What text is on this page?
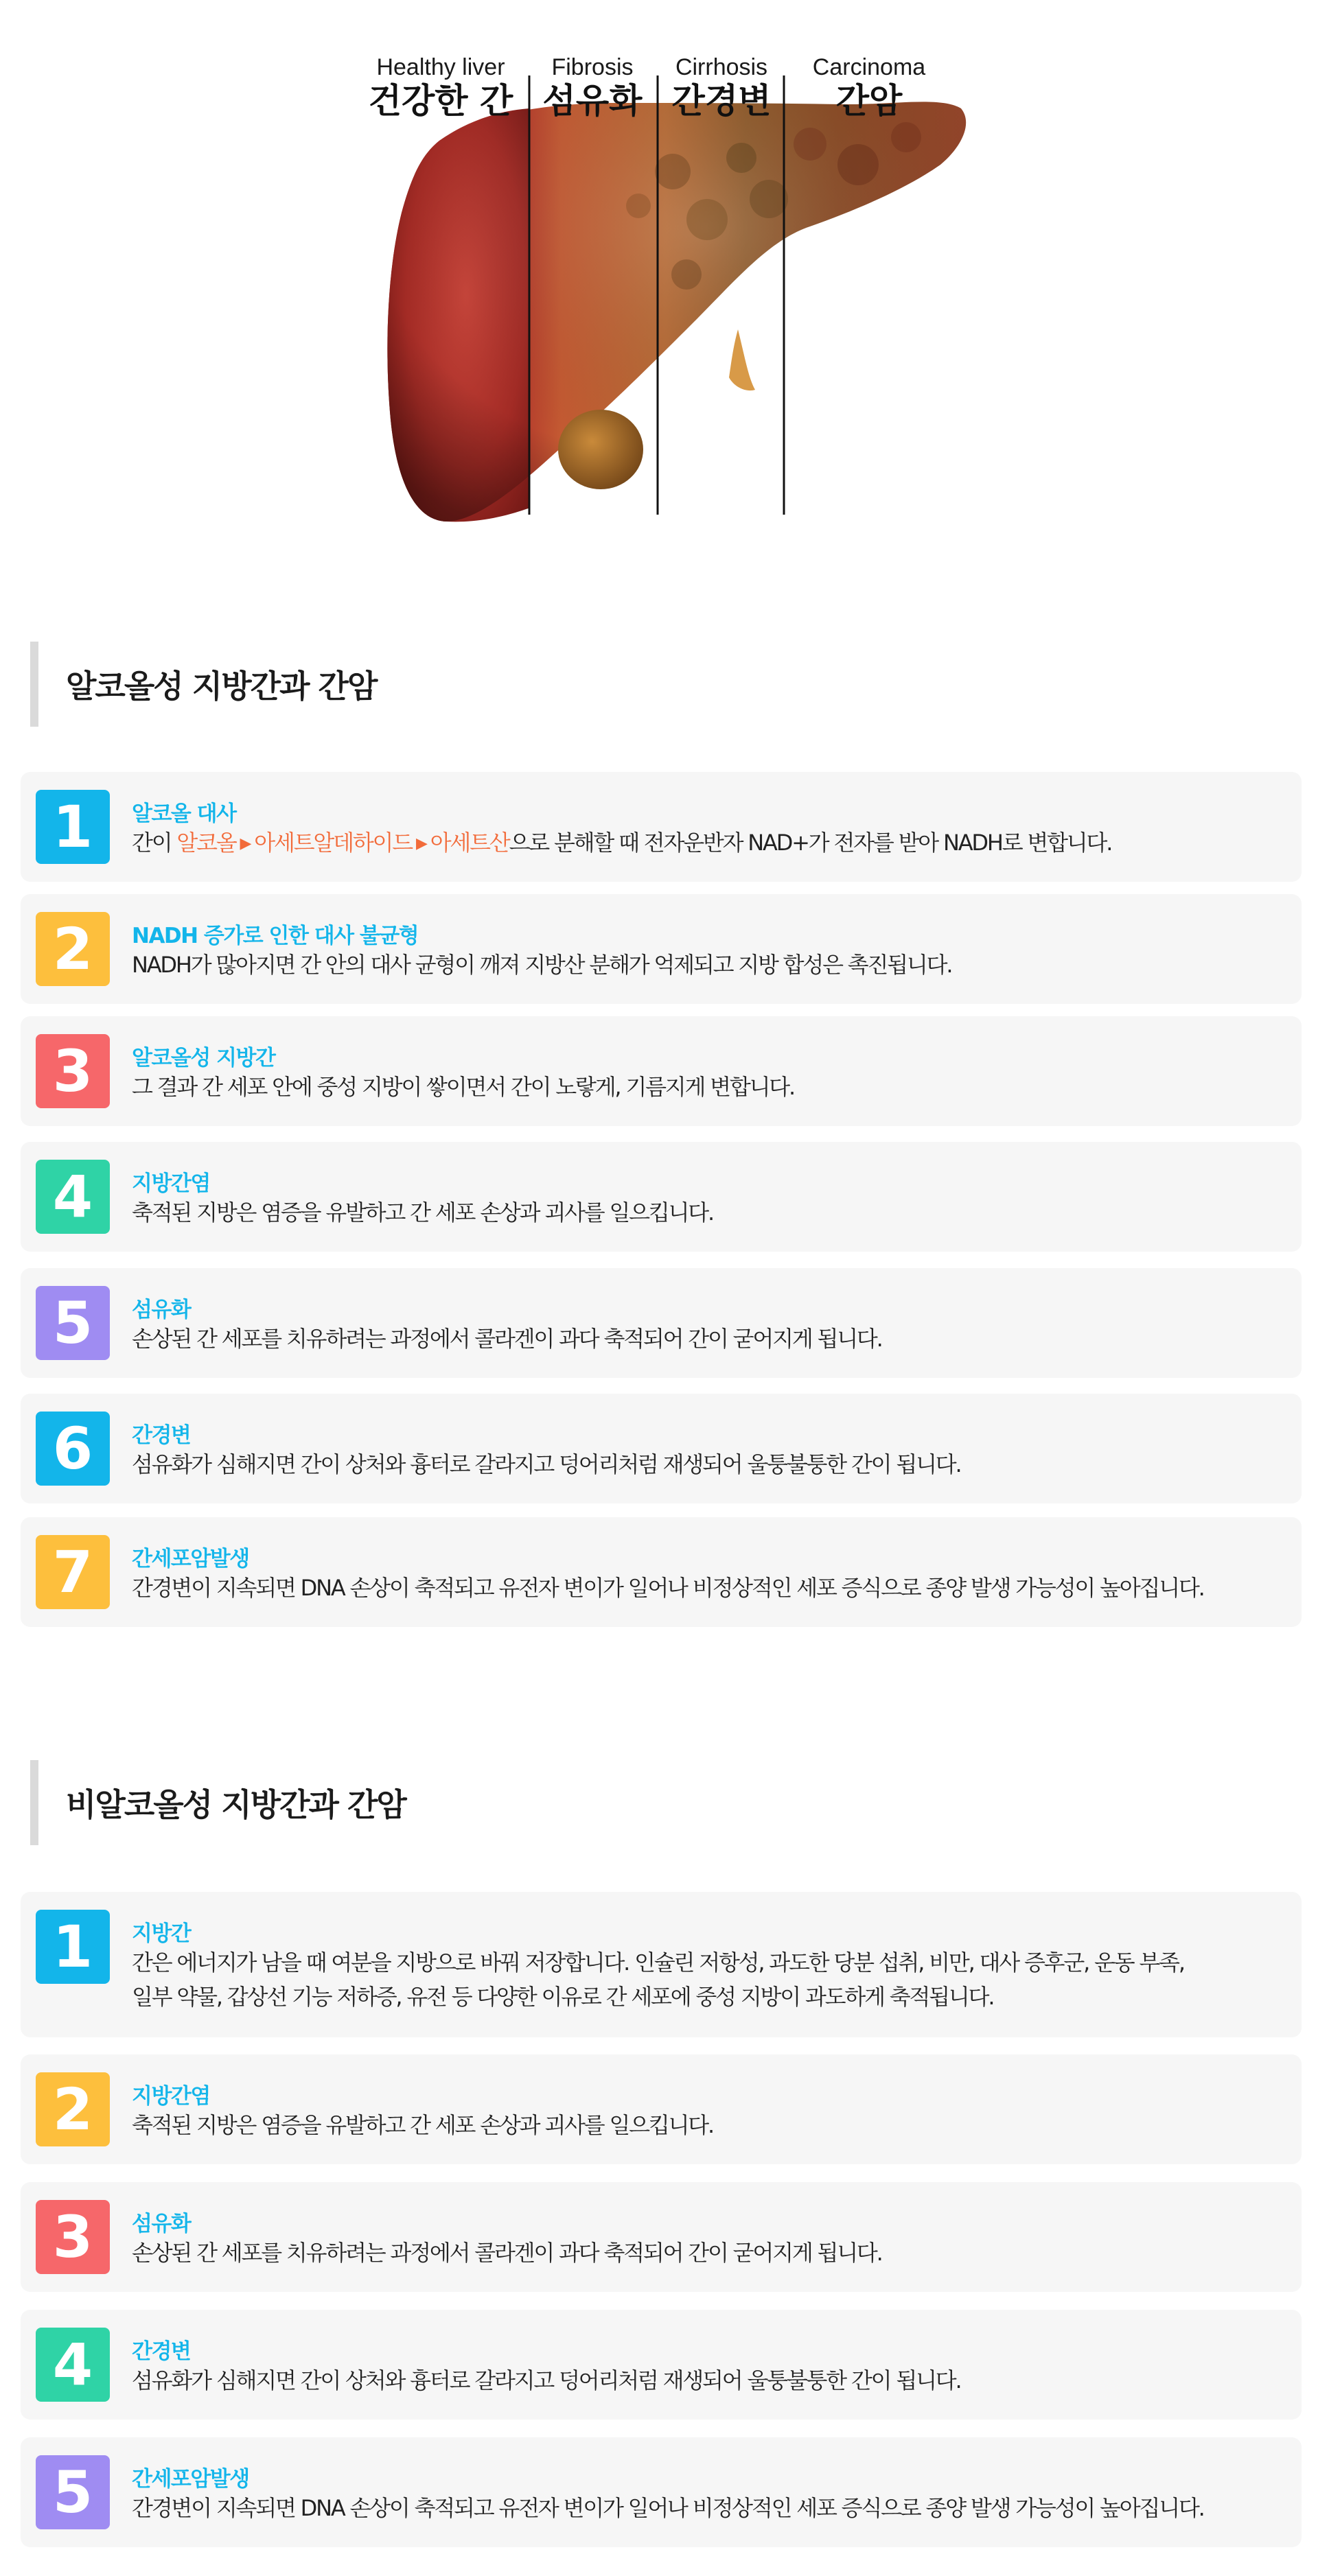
Healthy liver
건강한 간
Fibrosis
섬유화
Cirrhosis
간경변
Carcinoma
간암
알코올성 지방간과 간암
1 알코올 대사
간이 알코올 ▶ 아세트알데하이드 ▶ 아세트산으로 분해할 때 전자운반자 NAD+가 전자를 받아 NADH로 변합니다.
2 NADH 증가로 인한 대사 불균형
NADH가 많아지면 간 안의 대사 균형이 깨져 지방산 분해가 억제되고 지방 합성은 촉진됩니다.
3 알코올성 지방간
그 결과 간 세포 안에 중성 지방이 쌓이면서 간이 노랗게, 기름지게 변합니다.
4 지방간염
축적된 지방은 염증을 유발하고 간 세포 손상과 괴사를 일으킵니다.
5 섬유화
손상된 간 세포를 치유하려는 과정에서 콜라겐이 과다 축적되어 간이 굳어지게 됩니다.
6 간경변
섬유화가 심해지면 간이 상처와 흉터로 갈라지고 덩어리처럼 재생되어 울퉁불퉁한 간이 됩니다.
7 간세포암발생
간경변이 지속되면 DNA 손상이 축적되고 유전자 변이가 일어나 비정상적인 세포 증식으로 종양 발생 가능성이 높아집니다.
비알코올성 지방간과 간암
1 지방간
간은 에너지가 남을 때 여분을 지방으로 바꿔 저장합니다. 인슐린 저항성, 과도한 당분 섭취, 비만, 대사 증후군, 운동 부족,
일부 약물, 갑상선 기능 저하증, 유전 등 다양한 이유로 간 세포에 중성 지방이 과도하게 축적됩니다.
2 지방간염
축적된 지방은 염증을 유발하고 간 세포 손상과 괴사를 일으킵니다.
3 섬유화
손상된 간 세포를 치유하려는 과정에서 콜라겐이 과다 축적되어 간이 굳어지게 됩니다.
4 간경변
섬유화가 심해지면 간이 상처와 흉터로 갈라지고 덩어리처럼 재생되어 울퉁불퉁한 간이 됩니다.
5 간세포암발생
간경변이 지속되면 DNA 손상이 축적되고 유전자 변이가 일어나 비정상적인 세포 증식으로 종양 발생 가능성이 높아집니다.
